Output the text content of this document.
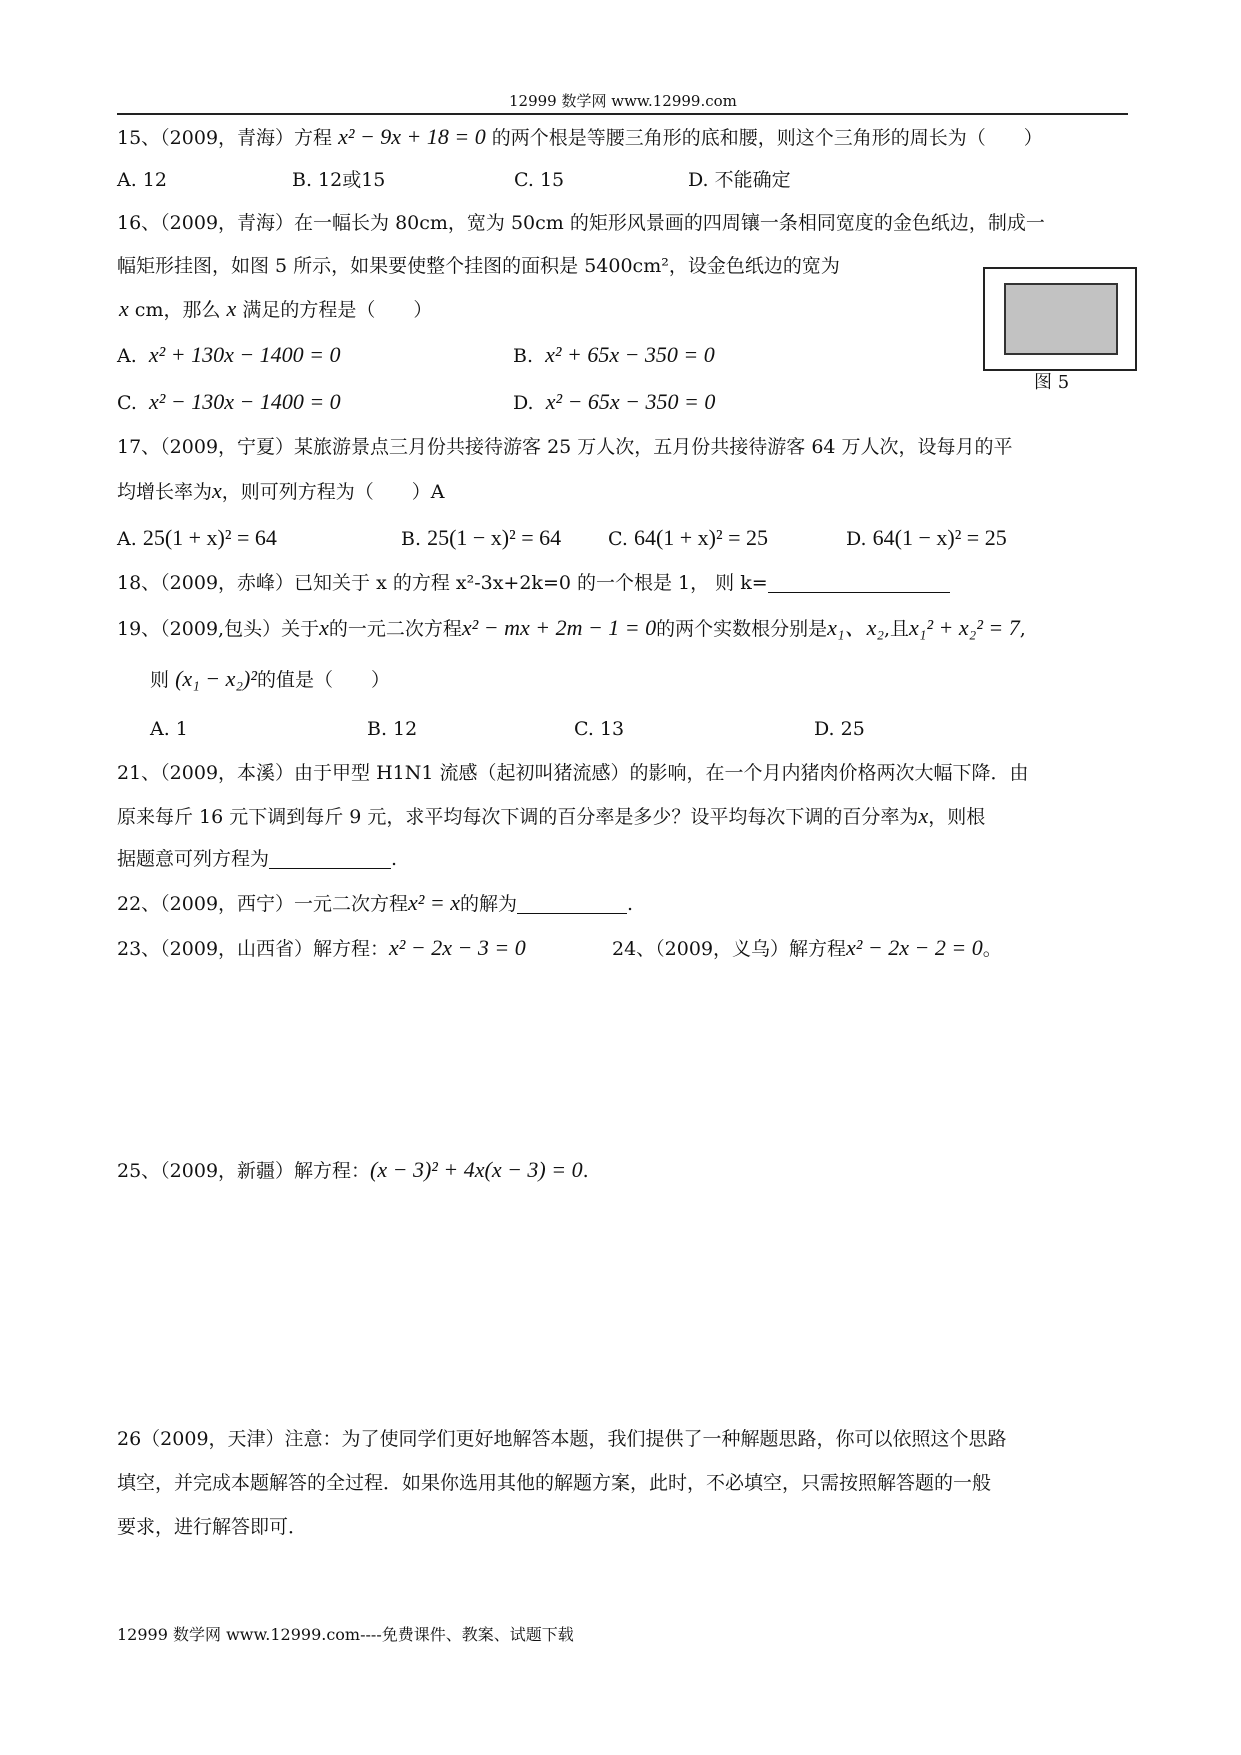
12999 数学网 www.12999.com
15、（2009，青海）方程 x² − 9x + 18 = 0 的两个根是等腰三角形的底和腰，则这个三角形的周长为（　　）
A. 12	B. 12或15	C. 15	D. 不能确定
16、（2009，青海）在一幅长为 80cm，宽为 50cm 的矩形风景画的四周镶一条相同宽度的金色纸边，制成一
幅矩形挂图，如图 5 所示，如果要使整个挂图的面积是 5400cm²，设金色纸边的宽为
x cm，那么 x 满足的方程是（　　）
A. x² + 130x − 1400 = 0	B. x² + 65x − 350 = 0
C. x² − 130x − 1400 = 0	D. x² − 65x − 350 = 0
图 5
17、（2009，宁夏）某旅游景点三月份共接待游客 25 万人次，五月份共接待游客 64 万人次，设每月的平
均增长率为x，则可列方程为（　　）A
A. 25(1 + x)² = 64	B. 25(1 − x)² = 64 C. 64(1 + x)² = 25	D. 64(1 − x)² = 25
18、（2009，赤峰）已知关于 x 的方程 x²-3x+2k=0 的一个根是 1， 则 k=
19、（2009,包头）关于x的一元二次方程x² − mx + 2m − 1 = 0的两个实数根分别是x₁、x₂,且x₁² + x₂² = 7,
则 (x₁ − x₂)²的值是（　　）
A. 1	B. 12	C. 13	D. 25
21、（2009，本溪）由于甲型 H1N1 流感（起初叫猪流感）的影响，在一个月内猪肉价格两次大幅下降．由
原来每斤 16 元下调到每斤 9 元，求平均每次下调的百分率是多少？设平均每次下调的百分率为x，则根
据题意可列方程为	.
22、（2009，西宁）一元二次方程x² = x的解为	.
23、（2009，山西省）解方程：x² − 2x − 3 = 0	24、（2009，义乌）解方程x² − 2x − 2 = 0。
25、（2009，新疆）解方程：(x − 3)² + 4x(x − 3) = 0.
26（2009，天津）注意：为了使同学们更好地解答本题，我们提供了一种解题思路，你可以依照这个思路
填空，并完成本题解答的全过程．如果你选用其他的解题方案，此时，不必填空，只需按照解答题的一般
要求，进行解答即可．
12999 数学网 www.12999.com----免费课件、教案、试题下载
